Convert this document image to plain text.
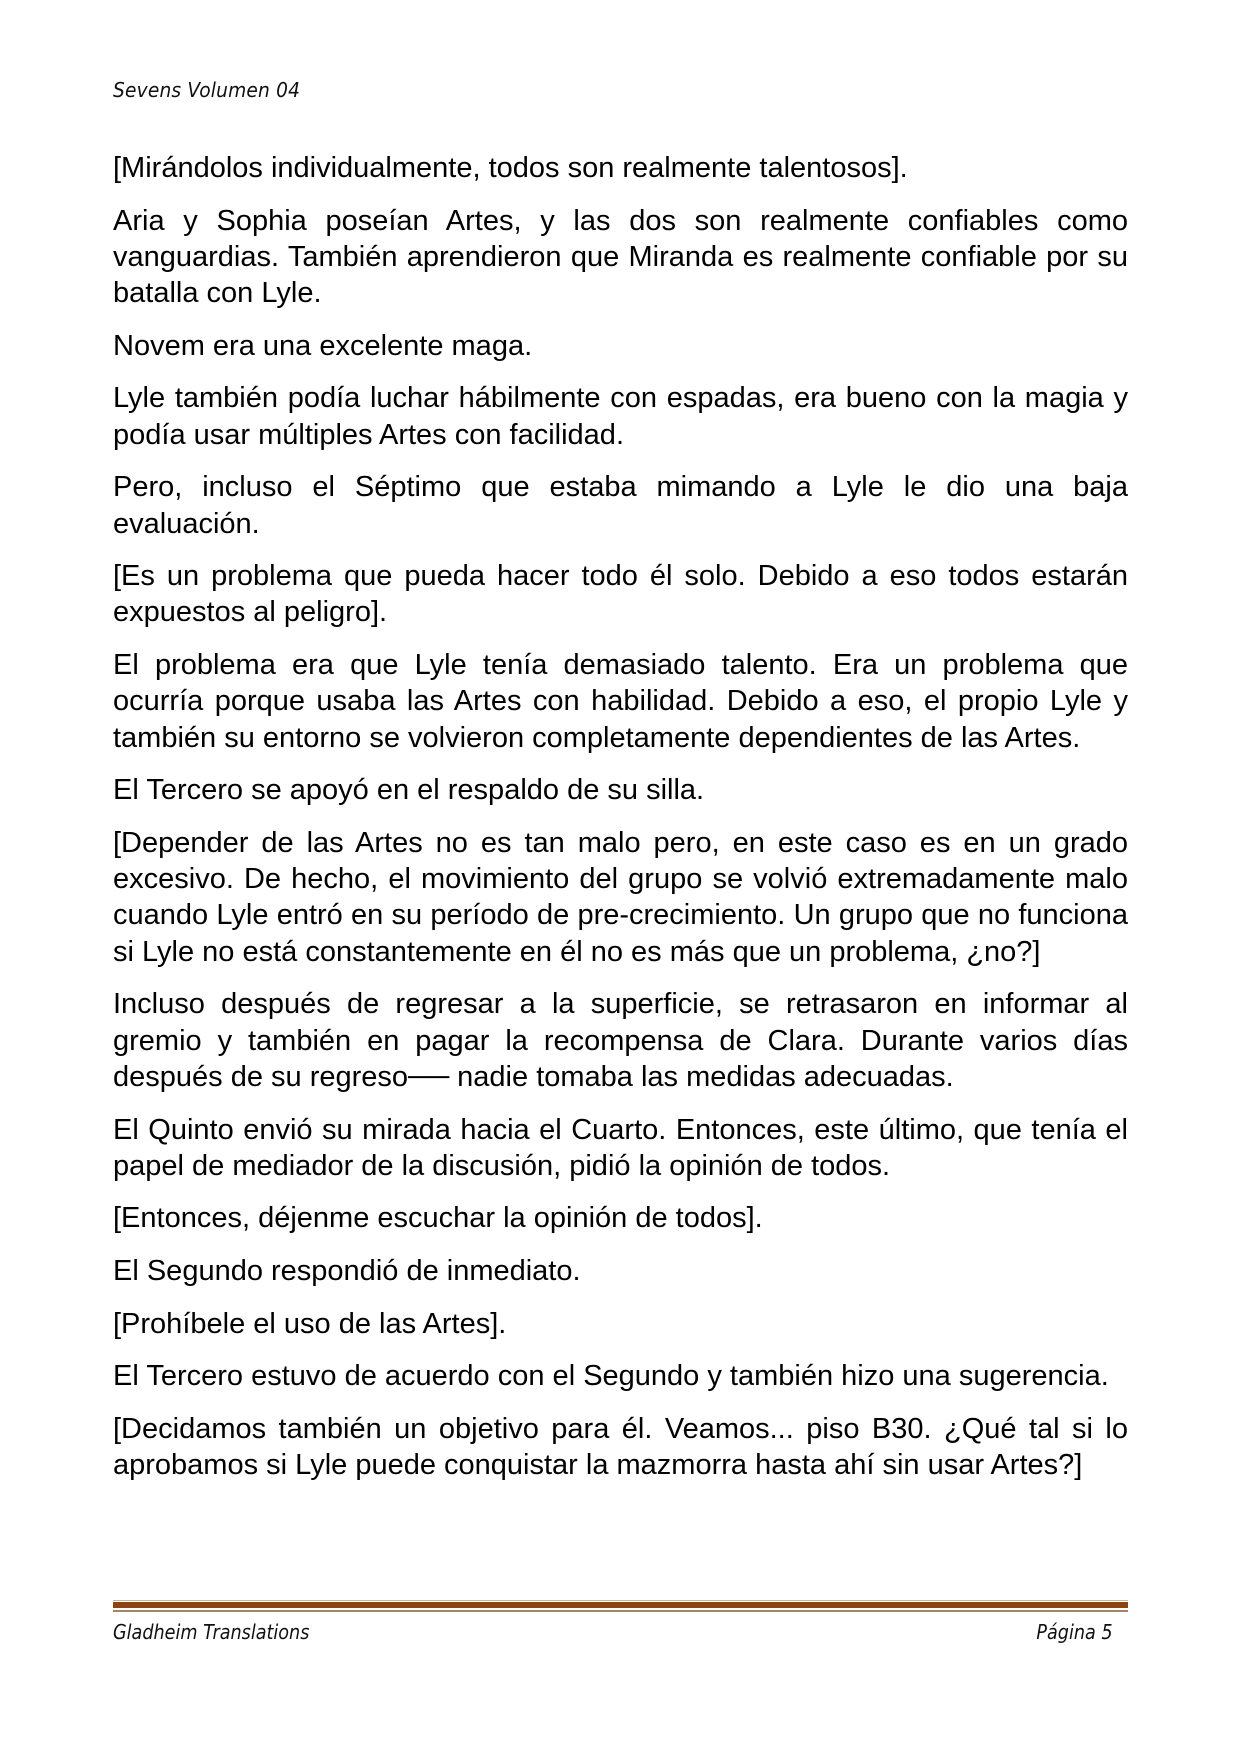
Sevens Volumen 04

[Mirándolos individualmente, todos son realmente talentosos].

Aria y Sophia poseían Artes, y las dos son realmente confiables como vanguardias. También aprendieron que Miranda es realmente confiable por su batalla con Lyle.

Novem era una excelente maga.

Lyle también podía luchar hábilmente con espadas, era bueno con la magia y podía usar múltiples Artes con facilidad.

Pero, incluso el Séptimo que estaba mimando a Lyle le dio una baja evaluación.

[Es un problema que pueda hacer todo él solo. Debido a eso todos estarán expuestos al peligro].

El problema era que Lyle tenía demasiado talento. Era un problema que ocurría porque usaba las Artes con habilidad. Debido a eso, el propio Lyle y también su entorno se volvieron completamente dependientes de las Artes.

El Tercero se apoyó en el respaldo de su silla.

[Depender de las Artes no es tan malo pero, en este caso es en un grado excesivo. De hecho, el movimiento del grupo se volvió extremadamente malo cuando Lyle entró en su período de pre-crecimiento. Un grupo que no funciona si Lyle no está constantemente en él no es más que un problema, ¿no?]

Incluso después de regresar a la superficie, se retrasaron en informar al gremio y también en pagar la recompensa de Clara. Durante varios días después de su regreso── nadie tomaba las medidas adecuadas.

El Quinto envió su mirada hacia el Cuarto. Entonces, este último, que tenía el papel de mediador de la discusión, pidió la opinión de todos.

[Entonces, déjenme escuchar la opinión de todos].

El Segundo respondió de inmediato.

[Prohíbele el uso de las Artes].

El Tercero estuvo de acuerdo con el Segundo y también hizo una sugerencia.

[Decidamos también un objetivo para él. Veamos... piso B30. ¿Qué tal si lo aprobamos si Lyle puede conquistar la mazmorra hasta ahí sin usar Artes?]

Gladheim Translations	Página 5
